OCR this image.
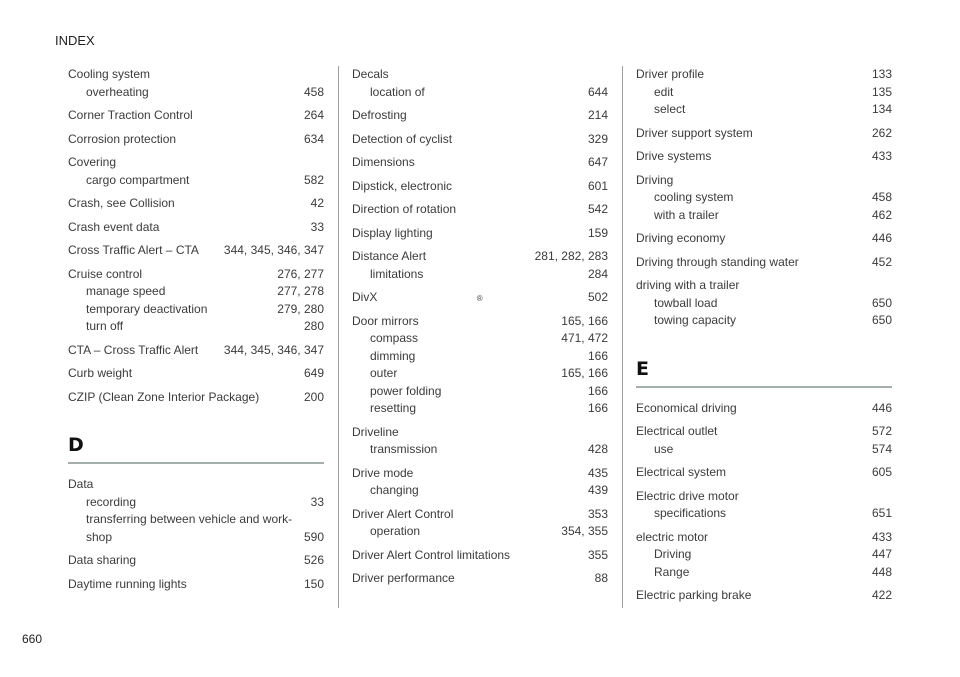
INDEX
Cooling system
overheating	458
Corner Traction Control	264
Corrosion protection	634
Covering
cargo compartment	582
Crash, see Collision	42
Crash event data	33
Cross Traffic Alert – CTA	344, 345, 346, 347
Cruise control	276, 277
manage speed	277, 278
temporary deactivation	279, 280
turn off	280
CTA – Cross Traffic Alert	344, 345, 346, 347
Curb weight	649
CZIP (Clean Zone Interior Package)	200
D
Data
recording	33
transferring between vehicle and work-
shop	590
Data sharing	526
Daytime running lights	150
Decals
location of	644
Defrosting	214
Detection of cyclist	329
Dimensions	647
Dipstick, electronic	601
Direction of rotation	542
Display lighting	159
Distance Alert	281, 282, 283
limitations	284
DivX	®	502
Door mirrors	165, 166
compass	471, 472
dimming	166
outer	165, 166
power folding	166
resetting	166
Driveline
transmission	428
Drive mode	435
changing	439
Driver Alert Control	353
operation	354, 355
Driver Alert Control limitations	355
Driver performance	88
Driver profile	133
edit	135
select	134
Driver support system	262
Drive systems	433
Driving
cooling system	458
with a trailer	462
Driving economy	446
Driving through standing water	452
driving with a trailer
towball load	650
towing capacity	650
E
Economical driving	446
Electrical outlet	572
use	574
Electrical system	605
Electric drive motor
specifications	651
electric motor	433
Driving	447
Range	448
Electric parking brake	422
660
